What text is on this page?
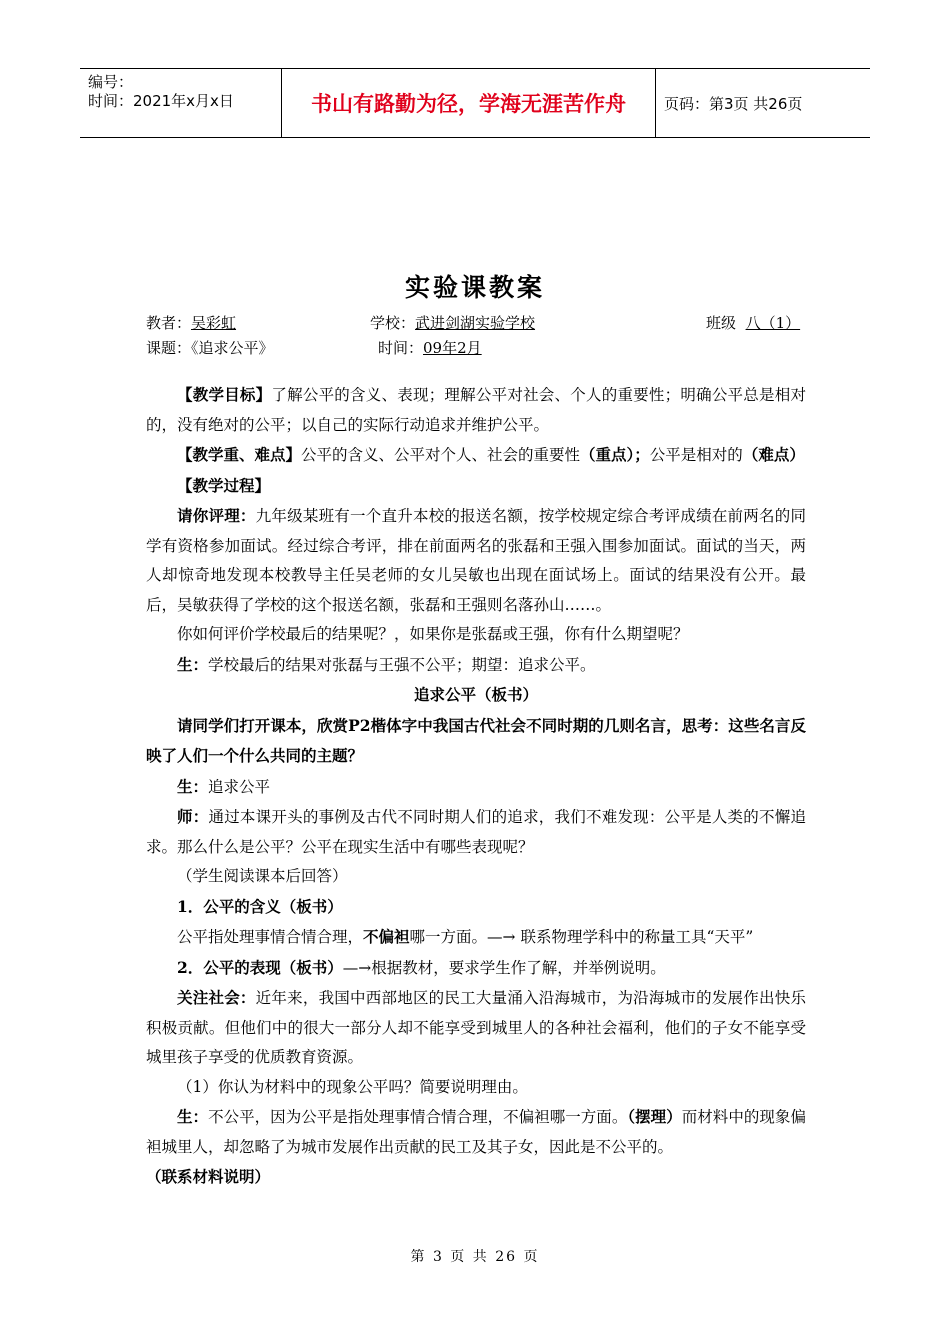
编号：
时间：2021年x月x日	书山有路勤为径，学海无涯苦作舟	页码：第3页 共26页
实验课教案
教者：吴彩虹	学校：武进剑湖实验学校	班级 八（1）
课题：《追求公平》	时间：09年2月

【教学目标】了解公平的含义、表现；理解公平对社会、个人的重要性；明确公平总是相对的，没有绝对的公平；以自己的实际行动追求并维护公平。

【教学重、难点】公平的含义、公平对个人、社会的重要性（重点）；公平是相对的（难点）

【教学过程】

请你评理：九年级某班有一个直升本校的报送名额，按学校规定综合考评成绩在前两名的同学有资格参加面试。经过综合考评，排在前面两名的张磊和王强入围参加面试。面试的当天，两人却惊奇地发现本校教导主任吴老师的女儿吴敏也出现在面试场上。面试的结果没有公开。最后，吴敏获得了学校的这个报送名额，张磊和王强则名落孙山……。

你如何评价学校最后的结果呢？，如果你是张磊或王强，你有什么期望呢？

生：学校最后的结果对张磊与王强不公平；期望：追求公平。

追求公平（板书）

请同学们打开课本，欣赏P2楷体字中我国古代社会不同时期的几则名言，思考：这些名言反映了人们一个什么共同的主题？

生：追求公平

师：通过本课开头的事例及古代不同时期人们的追求，我们不难发现：公平是人类的不懈追求。那么什么是公平？公平在现实生活中有哪些表现呢？

（学生阅读课本后回答）

1．公平的含义（板书）

公平指处理事情合情合理，不偏袒哪一方面。—→ 联系物理学科中的称量工具“天平”

2．公平的表现（板书）—→根据教材，要求学生作了解，并举例说明。

关注社会：近年来，我国中西部地区的民工大量涌入沿海城市，为沿海城市的发展作出快乐积极贡献。但他们中的很大一部分人却不能享受到城里人的各种社会福利，他们的子女不能享受城里孩子享受的优质教育资源。

（1）你认为材料中的现象公平吗？简要说明理由。

生：不公平，因为公平是指处理事情合情合理，不偏袒哪一方面。（摆理）而材料中的现象偏袒城里人，却忽略了为城市发展作出贡献的民工及其子女，因此是不公平的。

（联系材料说明）

第 3 页 共 26 页
